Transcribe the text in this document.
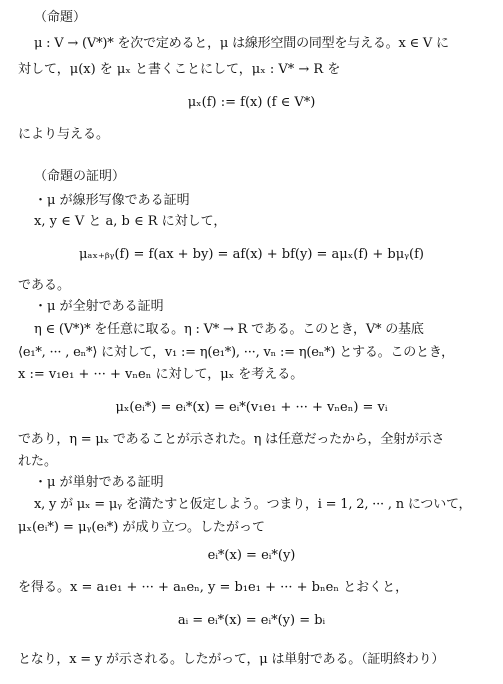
（命題）
μ : V → (V*)* を次で定めると，μ は線形空間の同型を与える。x ∈ V に
対して，μ(x) を μₓ と書くことにして，μₓ : V* → R を
μₓ(f) := f(x) (f ∈ V*)
により与える。
（命題の証明）
・μ が線形写像である証明
x, y ∈ V と a, b ∈ R に対して，
μₐₓ₊ᵦᵧ(f) = f(ax + by) = af(x) + bf(y) = aμₓ(f) + bμᵧ(f)
である。
・μ が全射である証明
η ∈ (V*)* を任意に取る。η : V* → R である。このとき，V* の基底
⟨e₁*, ··· , eₙ*⟩ に対して，v₁ := η(e₁*), ···, vₙ := η(eₙ*) とする。このとき，
x := v₁e₁ + ··· + vₙeₙ に対して，μₓ を考える。
μₓ(eᵢ*) = eᵢ*(x) = eᵢ*(v₁e₁ + ··· + vₙeₙ) = vᵢ
であり，η = μₓ であることが示された。η は任意だったから，全射が示さ
れた。
・μ が単射である証明
x, y が μₓ = μᵧ を満たすと仮定しよう。つまり，i = 1, 2, ··· , n について，
μₓ(eᵢ*) = μᵧ(eᵢ*) が成り立つ。したがって
eᵢ*(x) = eᵢ*(y)
を得る。x = a₁e₁ + ··· + aₙeₙ, y = b₁e₁ + ··· + bₙeₙ とおくと，
aᵢ = eᵢ*(x) = eᵢ*(y) = bᵢ
となり，x = y が示される。したがって，μ は単射である。（証明終わり）
